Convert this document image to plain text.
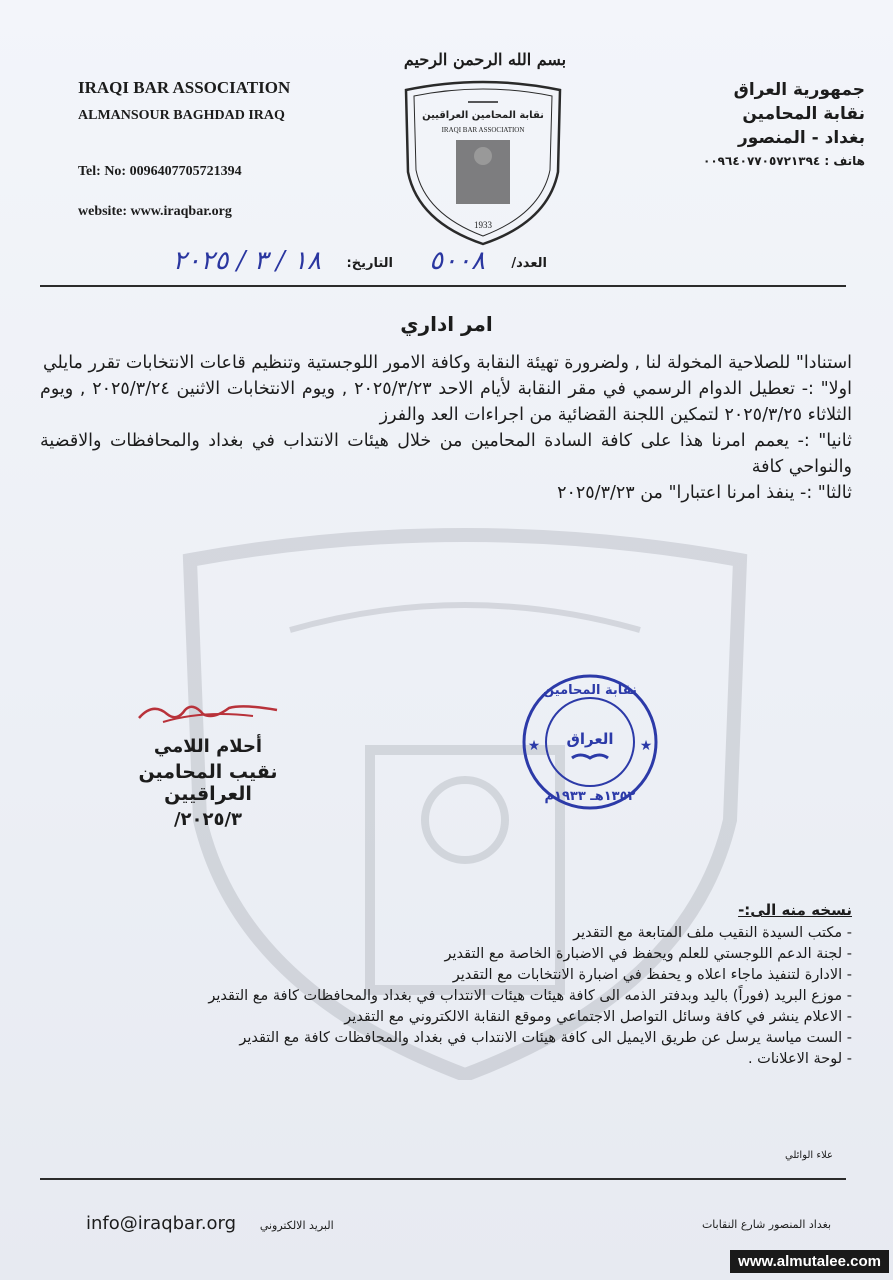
IRAQI BAR ASSOCIATION
ALMANSOUR BAGHDAD IRAQ
Tel: No: 009640770572139​4
website: www.iraqbar.org
بسم الله الرحمن الرحيم
نقابة المحامين العراقيين
IRAQI BAR ASSOCIATION
1933
جمهورية العراق
نقابة المحامين
بغداد - المنصور
هاتف : ٠٠٩٦٤٠٧٧٠٥٧٢١٣٩٤
العدد/
٥٠٠٨
التاريخ:
١٨ / ٣ / ٢٠٢٥
امر اداري

استنادا" للصلاحية المخولة لنا , ولضرورة تهيئة النقابة وكافة الامور اللوجستية وتنظيم قاعات الانتخابات تقرر مايلي

اولا" :- تعطيل الدوام الرسمي في مقر النقابة لأيام الاحد ٢٠٢٥/٣/٢٣ , ويوم الانتخابات الاثنين ٢٠٢٥/٣/٢٤ , ويوم الثلاثاء ٢٠٢٥/٣/٢٥ لتمكين اللجنة القضائية من اجراءات العد والفرز

ثانيا" :- يعمم امرنا هذا على كافة السادة المحامين من خلال هيئات الانتداب في بغداد والمحافظات والاقضية والنواحي كافة

ثالثا" :- ينفذ امرنا اعتبارا" من ٢٠٢٥/٣/٢٣

أحلام اللامي
نقيب المحامين العراقيين
٢٠٢٥/٣/
نقابة المحامين
العراق
١٣٥٢هـ ١٩٣٣م
★	★
نسخه منه الى:-
- مكتب السيدة النقيب ملف المتابعة مع التقدير
- لجنة الدعم اللوجستي للعلم ويحفظ في الاضبارة الخاصة مع التقدير
- الادارة لتنفيذ ماجاء اعلاه و يحفظ في اضبارة الانتخابات مع التقدير
- موزع البريد (فوراً) باليد وبدفتر الذمه الى كافة هيئات هيئات الانتداب في بغداد والمحافظات كافة مع التقدير
- الاعلام ينشر في كافة وسائل التواصل الاجتماعي وموقع النقابة الالكتروني مع التقدير
- الست مياسة يرسل عن طريق الايميل الى كافة هيئات الانتداب في بغداد والمحافظات كافة مع التقدير
- لوحة الاعلانات .
علاء الوائلي
info@iraqbar.org البريد الالكتروني	بغداد المنصور شارع النقابات
www.almutalee.com
